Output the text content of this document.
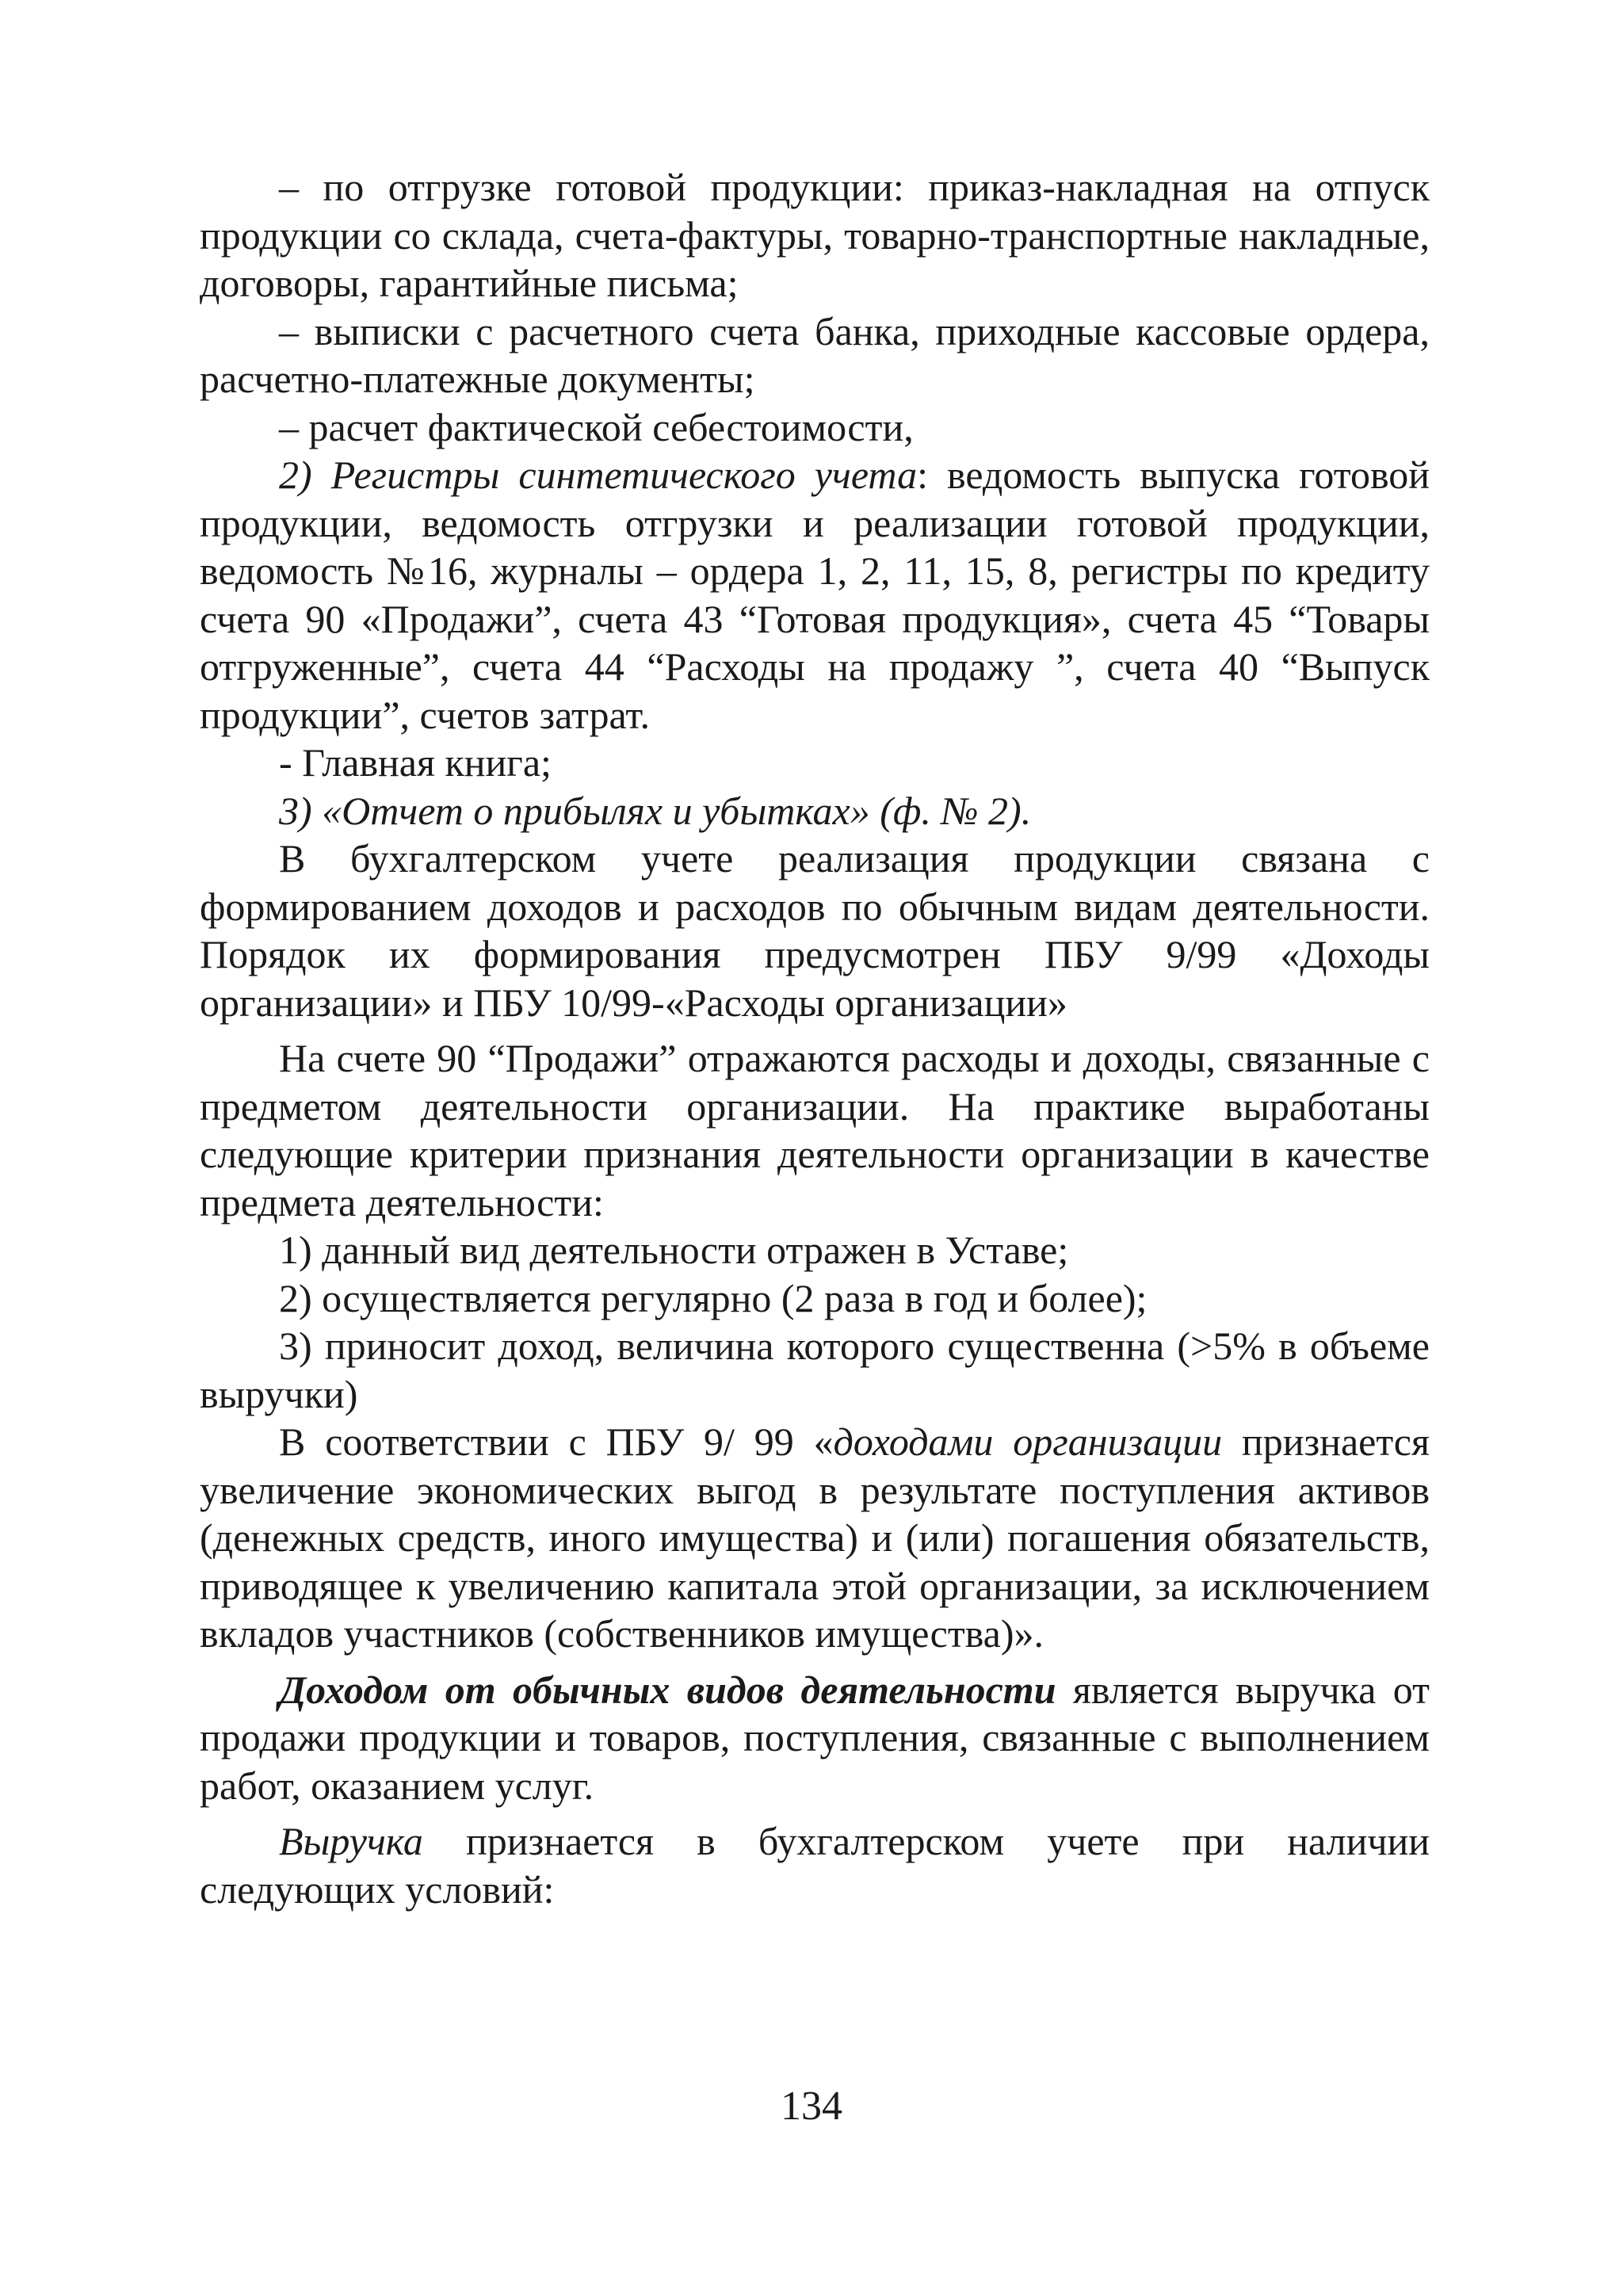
– по отгрузке готовой продукции: приказ-накладная на отпуск продукции со склада, счета-фактуры, товарно-транспортные накладные, договоры, гарантийные письма;

– выписки с расчетного счета банка, приходные кассовые ордера, расчетно-платежные документы;

– расчет фактической себестоимости,

2) Регистры синтетического учета: ведомость выпуска готовой продукции, ведомость отгрузки и реализации готовой продукции, ведомость №16, журналы – ордера 1, 2, 11, 15, 8, регистры по кредиту счета 90 «Продажи”, счета 43 “Готовая продукция», счета 45 “Товары отгруженные”, счета 44 “Расходы на продажу ”, счета 40 “Выпуск продукции”, счетов затрат.

- Главная книга;

3) «Отчет о прибылях и убытках» (ф. № 2).

В бухгалтерском учете реализация продукции связана с формированием доходов и расходов по обычным видам деятельности. Порядок их формирования предусмотрен ПБУ 9/99 «Доходы организации» и ПБУ 10/99-«Расходы организации»

На счете 90 “Продажи” отражаются расходы и доходы, связанные с предметом деятельности организации. На практике выработаны следующие критерии признания деятельности организации в качестве предмета деятельности:

1) данный вид деятельности отражен в Уставе;

2) осуществляется регулярно (2 раза в год и более);

3) приносит доход, величина которого существенна (>5% в объеме выручки)

В соответствии с ПБУ 9/ 99 «доходами организации признается увеличение экономических выгод в результате поступления активов (денежных средств, иного имущества) и (или) погашения обязательств, приводящее к увеличению капитала этой организации, за исключением вкладов участников (собственников имущества)».

Доходом от обычных видов деятельности является выручка от продажи продукции и товаров, поступления, связанные с выполнением работ, оказанием услуг.

Выручка признается в бухгалтерском учете при наличии следующих условий:

134
